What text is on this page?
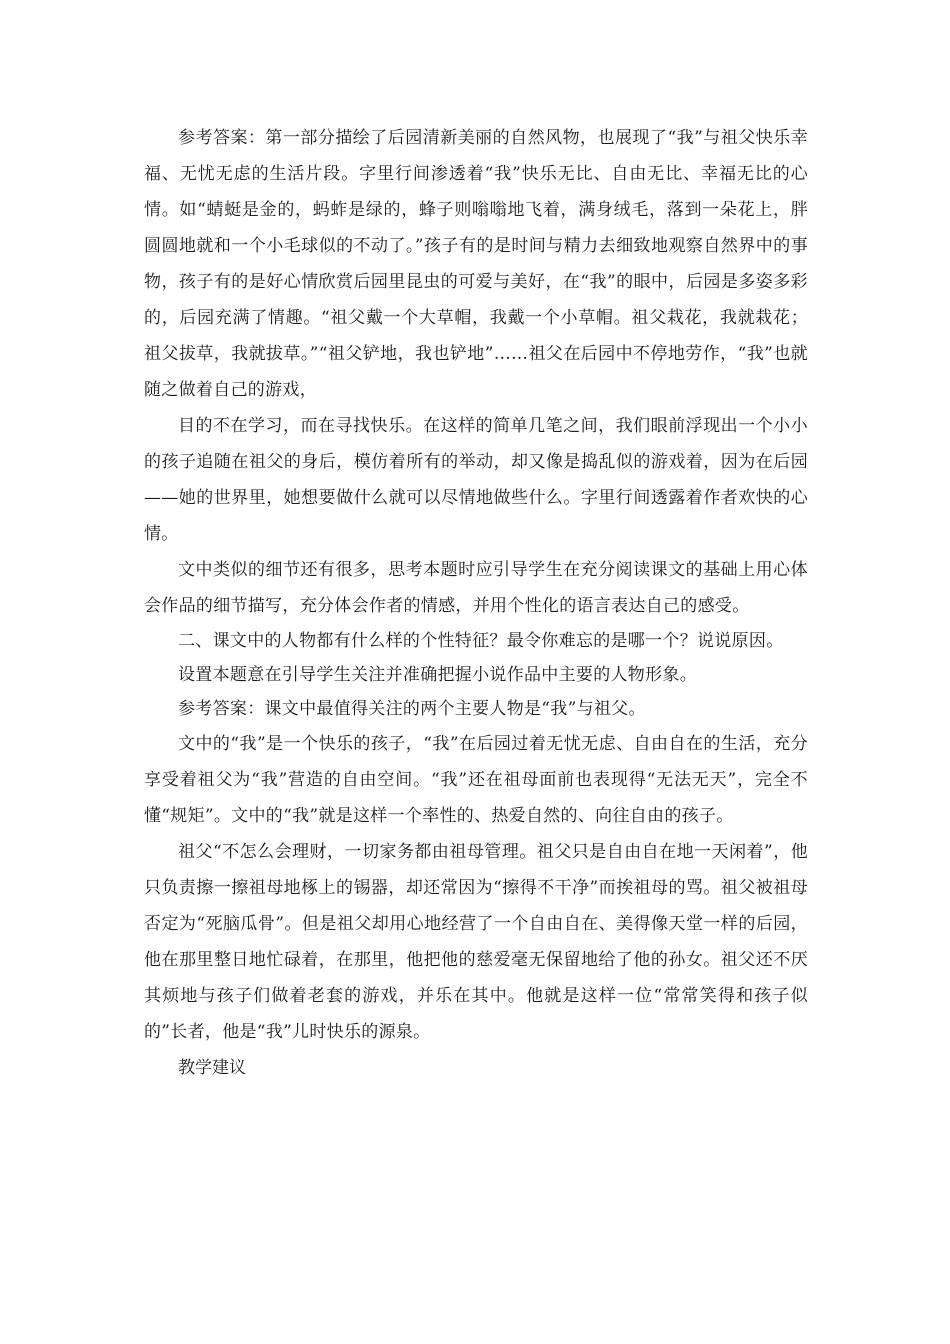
参考答案：第一部分描绘了后园清新美丽的自然风物，也展现了“我”与祖父快乐幸福、无忧无虑的生活片段。字里行间渗透着“我”快乐无比、自由无比、幸福无比的心情。如“蜻蜓是金的，蚂蚱是绿的，蜂子则嗡嗡地飞着，满身绒毛，落到一朵花上，胖圆圆地就和一个小毛球似的不动了。”孩子有的是时间与精力去细致地观察自然界中的事物，孩子有的是好心情欣赏后园里昆虫的可爱与美好，在“我”的眼中，后园是多姿多彩的，后园充满了情趣。“祖父戴一个大草帽，我戴一个小草帽。祖父栽花，我就栽花；祖父拔草，我就拔草。”“祖父铲地，我也铲地”……祖父在后园中不停地劳作，“我”也就随之做着自己的游戏，

目的不在学习，而在寻找快乐。在这样的简单几笔之间，我们眼前浮现出一个小小的孩子追随在祖父的身后，模仿着所有的举动，却又像是捣乱似的游戏着，因为在后园——她的世界里，她想要做什么就可以尽情地做些什么。字里行间透露着作者欢快的心情。

文中类似的细节还有很多，思考本题时应引导学生在充分阅读课文的基础上用心体会作品的细节描写，充分体会作者的情感，并用个性化的语言表达自己的感受。

二、课文中的人物都有什么样的个性特征？最令你难忘的是哪一个？说说原因。

设置本题意在引导学生关注并准确把握小说作品中主要的人物形象。

参考答案：课文中最值得关注的两个主要人物是“我”与祖父。

文中的“我”是一个快乐的孩子，“我”在后园过着无忧无虑、自由自在的生活，充分享受着祖父为“我”营造的自由空间。“我”还在祖母面前也表现得“无法无天”，完全不懂“规矩”。文中的“我”就是这样一个率性的、热爱自然的、向往自由的孩子。

祖父“不怎么会理财，一切家务都由祖母管理。祖父只是自由自在地一天闲着”，他只负责擦一擦祖母地椓上的锡器，却还常因为“擦得不干净”而挨祖母的骂。祖父被祖母否定为“死脑瓜骨”。但是祖父却用心地经营了一个自由自在、美得像天堂一样的后园，他在那里整日地忙碌着，在那里，他把他的慈爱毫无保留地给了他的孙女。祖父还不厌其烦地与孩子们做着老套的游戏，并乐在其中。他就是这样一位“常常笑得和孩子似的”长者，他是“我”儿时快乐的源泉。

教学建议
